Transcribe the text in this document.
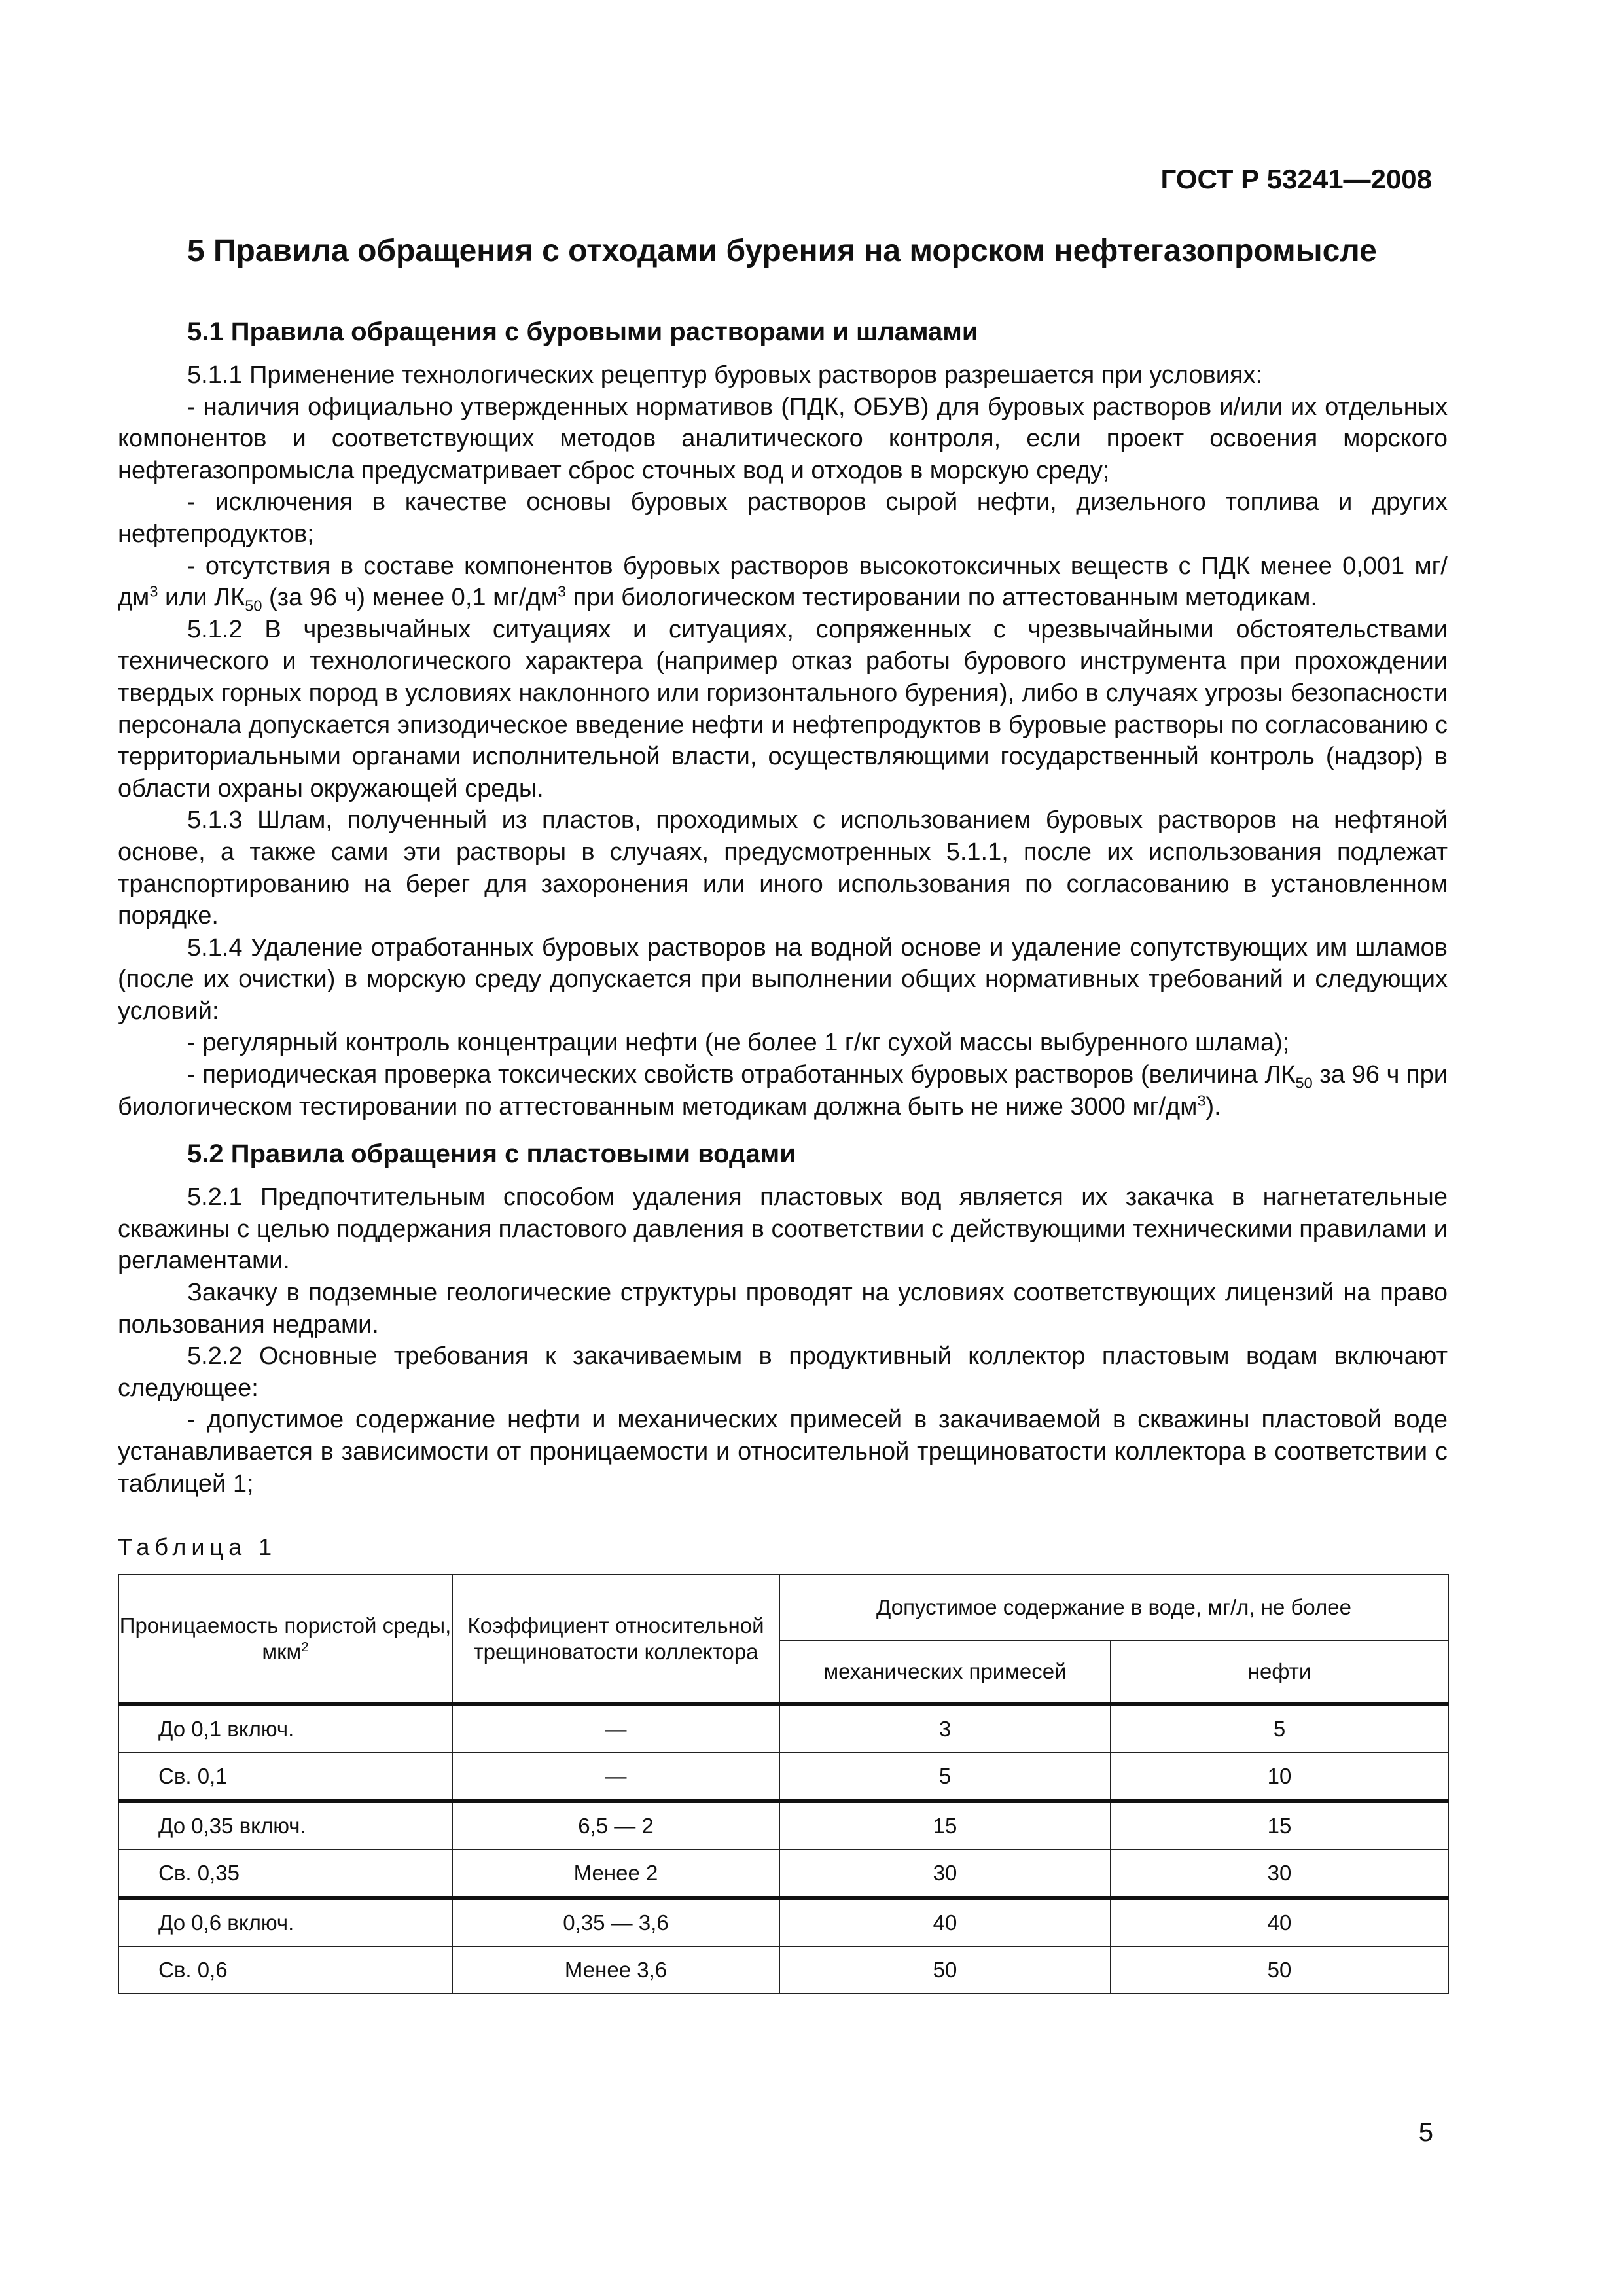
ГОСТ Р 53241—2008
5 Правила обращения с отходами бурения на морском нефтегазопромысле
5.1 Правила обращения с буровыми растворами и шламами

5.1.1 Применение технологических рецептур буровых растворов разрешается при условиях:

- наличия официально утвержденных нормативов (ПДК, ОБУВ) для буровых растворов и/или их отдельных компонентов и соответствующих методов аналитического контроля, если проект освоения морского нефтегазопромысла предусматривает сброс сточных вод и отходов в морскую среду;

- исключения в качестве основы буровых растворов сырой нефти, дизельного топлива и других нефтепродуктов;

- отсутствия в составе компонентов буровых растворов высокотоксичных веществ с ПДК менее 0,001 $мг/дм^3$ или $ЛК_{50}$ (за 96 ч) менее 0,1 $мг/дм^3$ при биологическом тестировании по аттестованным методикам.

5.1.2 В чрезвычайных ситуациях и ситуациях, сопряженных с чрезвычайными обстоятельствами технического и технологического характера (например отказ работы бурового инструмента при прохождении твердых горных пород в условиях наклонного или горизонтального бурения), либо в случаях угрозы безопасности персонала допускается эпизодическое введение нефти и нефтепродуктов в буровые растворы по согласованию с территориальными органами исполнительной власти, осуществляющими государственный контроль (надзор) в области охраны окружающей среды.

5.1.3 Шлам, полученный из пластов, проходимых с использованием буровых растворов на нефтяной основе, а также сами эти растворы в случаях, предусмотренных 5.1.1, после их использования подлежат транспортированию на берег для захоронения или иного использования по согласованию в установленном порядке.

5.1.4 Удаление отработанных буровых растворов на водной основе и удаление сопутствующих им шламов (после их очистки) в морскую среду допускается при выполнении общих нормативных требований и следующих условий:

- регулярный контроль концентрации нефти (не более 1 г/кг сухой массы выбуренного шлама);

- периодическая проверка токсических свойств отработанных буровых растворов (величина $ЛК_{50}$ за 96 ч при биологическом тестировании по аттестованным методикам должна быть не ниже 3000 $мг/дм^3$).

5.2 Правила обращения с пластовыми водами

5.2.1 Предпочтительным способом удаления пластовых вод является их закачка в нагнетательные скважины с целью поддержания пластового давления в соответствии с действующими техническими правилами и регламентами.

Закачку в подземные геологические структуры проводят на условиях соответствующих лицензий на право пользования недрами.

5.2.2 Основные требования к закачиваемым в продуктивный коллектор пластовым водам включают следующее:

- допустимое содержание нефти и механических примесей в закачиваемой в скважины пластовой воде устанавливается в зависимости от проницаемости и относительной трещиноватости коллектора в соответствии с таблицей 1;

Таблица 1
Проницаемость пористой среды, мкм$^2$	Коэффициент относительной трещиноватости коллектора	Допустимое содержание в воде, мг/л, не более	
		механических примесей	нефти
До 0,1 включ.	—	3	5
Св. 0,1	—	5	10
До 0,35 включ.	6,5 — 2	15	15
Св. 0,35	Менее 2	30	30
До 0,6 включ.	0,35 — 3,6	40	40
Св. 0,6	Менее 3,6	50	50
5
